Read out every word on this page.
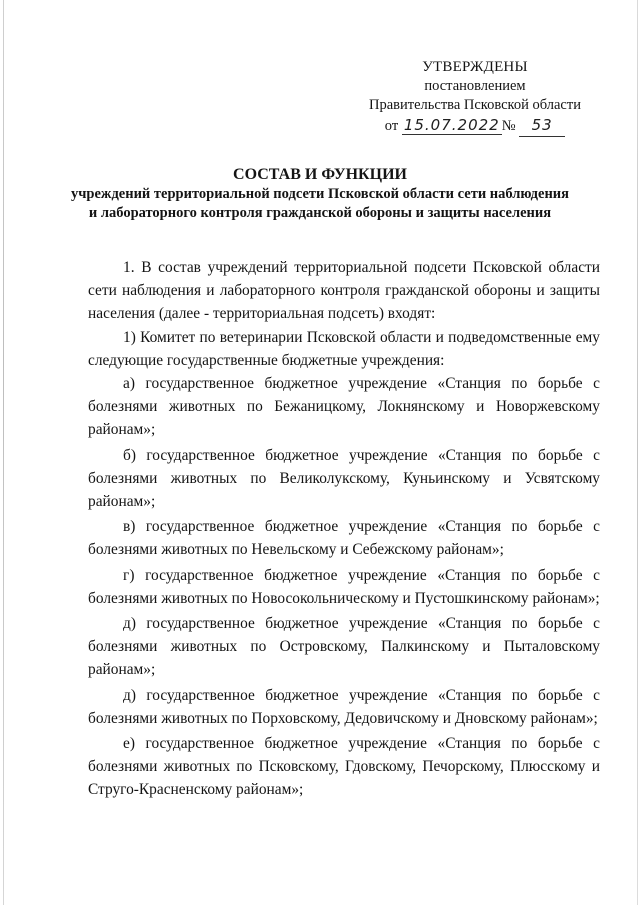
УТВЕРЖДЕНЫ
постановлением
Правительства Псковской области
от 15.07.2022 № 53
СОСТАВ И ФУНКЦИИ
учреждений территориальной подсети Псковской области сети наблюдения и лабораторного контроля гражданской обороны и защиты населения

1. В состав учреждений территориальной подсети Псковской области сети наблюдения и лабораторного контроля гражданской обороны и защиты населения (далее - территориальная подсеть) входят:

1) Комитет по ветеринарии Псковской области и подведомственные ему следующие государственные бюджетные учреждения:

а) государственное бюджетное учреждение «Станция по борьбе с болезнями животных по Бежаницкому, Локнянскому и Новоржевскому районам»;

б) государственное бюджетное учреждение «Станция по борьбе с болезнями животных по Великолукскому, Куньинскому и Усвятскому районам»;

в) государственное бюджетное учреждение «Станция по борьбе с болезнями животных по Невельскому и Себежскому районам»;

г) государственное бюджетное учреждение «Станция по борьбе с болезнями животных по Новосокольническому и Пустошкинскому районам»;

д) государственное бюджетное учреждение «Станция по борьбе с болезнями животных по Островскому, Палкинскому и Пыталовскому районам»;

д) государственное бюджетное учреждение «Станция по борьбе с болезнями животных по Порховскому, Дедовичскому и Дновскому районам»;

е) государственное бюджетное учреждение «Станция по борьбе с болезнями животных по Псковскому, Гдовскому, Печорскому, Плюсскому и Струго-Красненскому районам»;
